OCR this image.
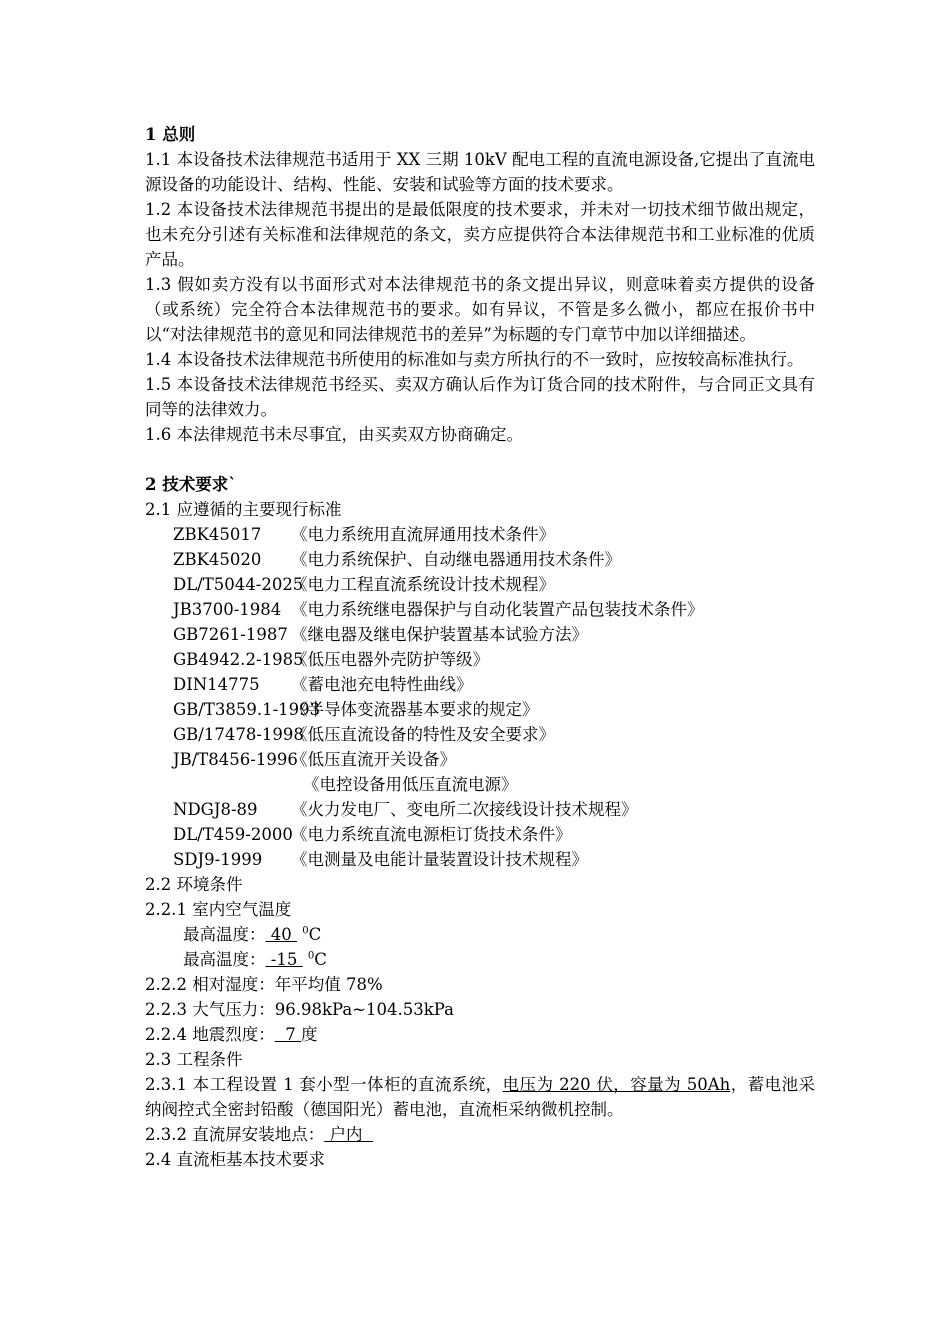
1 总则
1.1 本设备技术法律规范书适用于 XX 三期 10kV 配电工程的直流电源设备,它提出了直流电源设备的功能设计、结构、性能、安装和试验等方面的技术要求。
1.2 本设备技术法律规范书提出的是最低限度的技术要求，并未对一切技术细节做出规定，也未充分引述有关标准和法律规范的条文，卖方应提供符合本法律规范书和工业标准的优质产品。
1.3 假如卖方没有以书面形式对本法律规范书的条文提出异议，则意味着卖方提供的设备（或系统）完全符合本法律规范书的要求。如有异议，不管是多么微小，都应在报价书中以“对法律规范书的意见和同法律规范书的差异”为标题的专门章节中加以详细描述。
1.4 本设备技术法律规范书所使用的标准如与卖方所执行的不一致时，应按较高标准执行。
1.5 本设备技术法律规范书经买、卖双方确认后作为订货合同的技术附件，与合同正文具有同等的法律效力。
1.6 本法律规范书未尽事宜，由买卖双方协商确定。
2 技术要求`
2.1 应遵循的主要现行标准
ZBK45017 《电力系统用直流屏通用技术条件》
ZBK45020 《电力系统保护、自动继电器通用技术条件》
DL/T5044-2025《电力工程直流系统设计技术规程》
JB3700-1984 《电力系统继电器保护与自动化装置产品包装技术条件》
GB7261-1987 《继电器及继电保护装置基本试验方法》
GB4942.2-1985《低压电器外壳防护等级》
DIN14775 《蓄电池充电特性曲线》
GB/T3859.1-1993《半导体变流器基本要求的规定》
GB/17478-1998《低压直流设备的特性及安全要求》
JB/T8456-1996《低压直流开关设备》
《电控设备用低压直流电源》
NDGJ8-89 《火力发电厂、变电所二次接线设计技术规程》
DL/T459-2000《电力系统直流电源柜订货技术条件》
SDJ9-1999 《电测量及电能计量装置设计技术规程》
2.2 环境条件
2.2.1 室内空气温度
最高温度： 40 $^0$C
最高温度： -15 $^0$C
2.2.2 相对湿度：年平均值 78%
2.2.3 大气压力：96.98kPa~104.53kPa
2.2.4 地震烈度： 7 度
2.3 工程条件
2.3.1 本工程设置 1 套小型一体柜的直流系统，电压为 220 伏，容量为 50Ah，蓄电池采纳阀控式全密封铅酸（德国阳光）蓄电池，直流柜采纳微机控制。
2.3.2 直流屏安装地点： 户内
2.4 直流柜基本技术要求
